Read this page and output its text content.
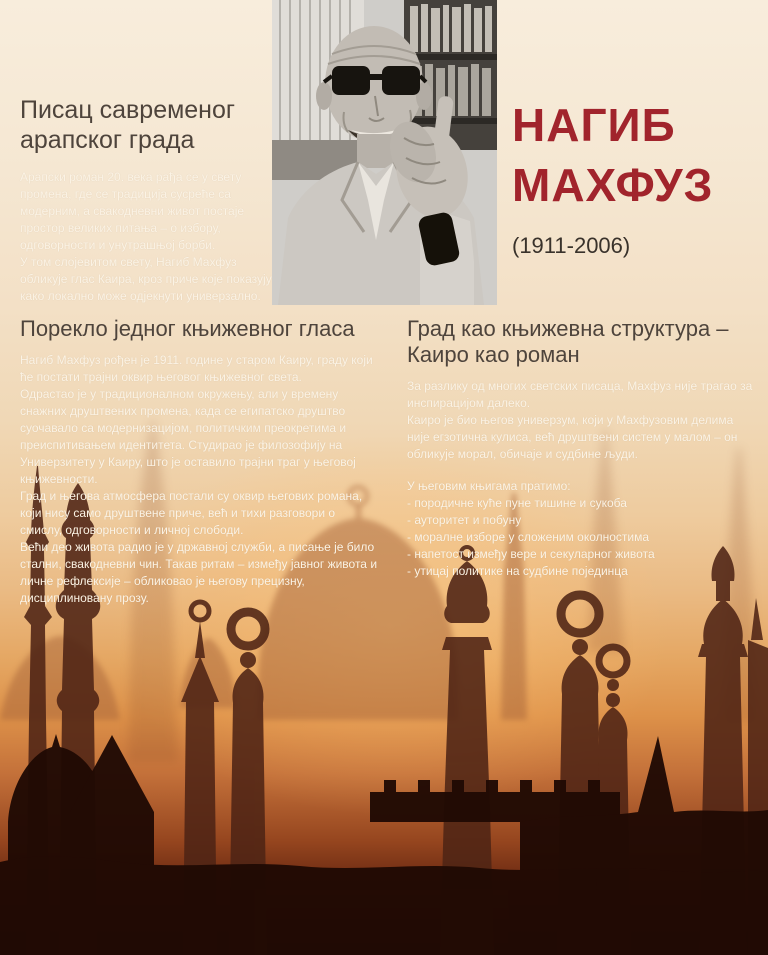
Писац савременог арапског града

Арапски роман 20. века рађа се у свету промена, где се традиција сусреће са модерним, а свакодневни живот постаје простор великих питања – о избору, одговорности и унутрашњој борби.

У том слојевитом свету, Нагиб Махфуз обликује глас Каира, кроз приче које показују како локално може одјекнути универзално.

НАГИБ
МАХФУЗ
(1911-2006)
Порекло једног књижевног гласа

Нагиб Махфуз рођен је 1911. године у старом Каиру, граду који ће постати трајни оквир његовог књижевног света.

Одрастао је у традиционалном окружењу, али у времену снажних друштвених промена, када се египатско друштво суочавало са модернизацијом, политичким преокретима и преиспитивањем идентитета. Студирао је филозофију на Универзитету у Каиру, што је оставило трајни траг у његовој књижевности.

Град и његова атмосфера постали су оквир његових романа, који нису само друштвене приче, већ и тихи разговори о смислу, одговорности и личној слободи.

Већи део живота радио је у државној служби, а писање је било стални, свакодневни чин. Такав ритам – између јавног живота и личне рефлексије – обликовао је његову прецизну, дисциплиновану прозу.

Град као књижевна структура –
Каиро као роман

За разлику од многих светских писаца, Махфуз није трагао за инспирацијом далеко.

Каиро је био његов универзум, који у Махфузовим делима није егзотична кулиса, већ друштвени систем у малом – он обликује морал, обичаје и судбине људи.

У његовим књигама пратимо:

- породичне куће пуне тишине и сукоба

- ауторитет и побуну

- моралне изборе у сложеним околностима

- напетост између вере и секуларног живота

- утицај политике на судбине појединца
